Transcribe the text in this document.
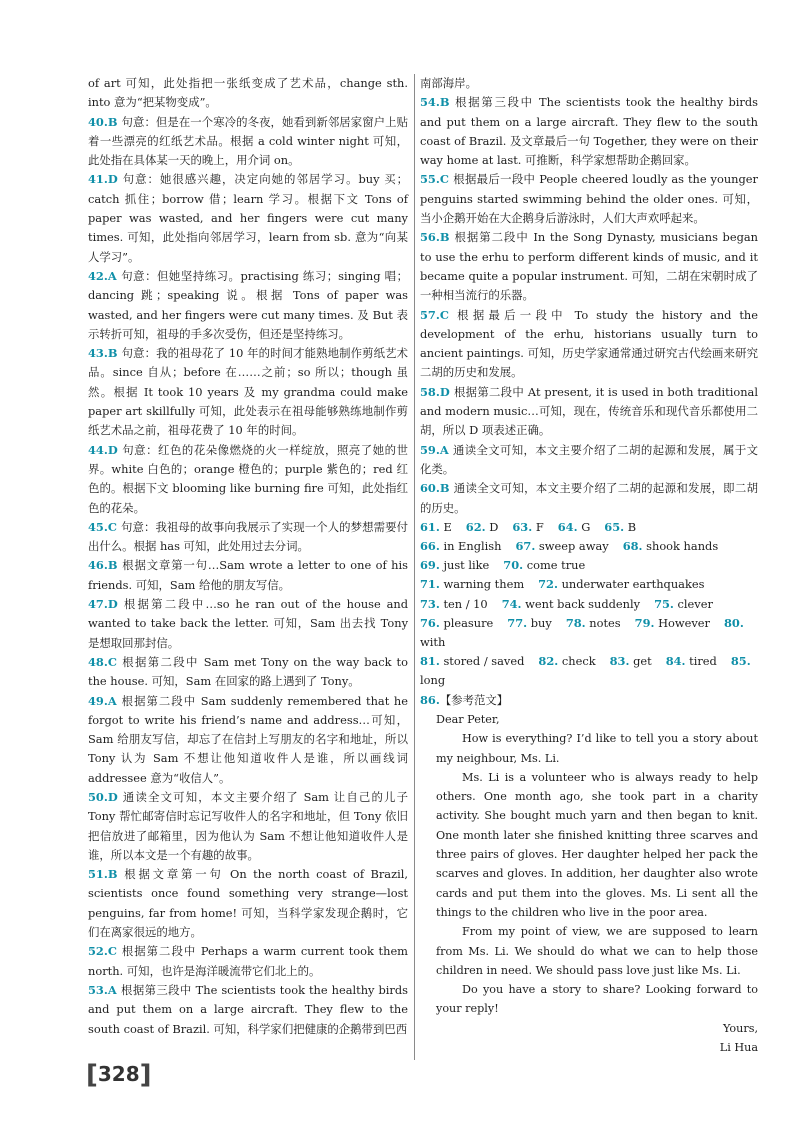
of art 可知，此处指把一张纸变成了艺术品，change sth. into 意为“把某物变成”。

40.B 句意：但是在一个寒冷的冬夜，她看到新邻居家窗户上贴着一些漂亮的红纸艺术品。根据 a cold winter night 可知，此处指在具体某一天的晚上，用介词 on。

41.D 句意：她很感兴趣，决定向她的邻居学习。buy 买；catch 抓住；borrow 借；learn 学习。根据下文 Tons of paper was wasted, and her fingers were cut many times. 可知，此处指向邻居学习，learn from sb. 意为“向某人学习”。

42.A 句意：但她坚持练习。practising 练习；singing 唱；dancing 跳；speaking 说。根据 Tons of paper was wasted, and her fingers were cut many times. 及 But 表示转折可知，祖母的手多次受伤，但还是坚持练习。

43.B 句意：我的祖母花了 10 年的时间才能熟地制作剪纸艺术品。since 自从；before 在……之前；so 所以；though 虽然。根据 It took 10 years 及 my grandma could make paper art skillfully 可知，此处表示在祖母能够熟练地制作剪纸艺术品之前，祖母花费了 10 年的时间。

44.D 句意：红色的花朵像燃烧的火一样绽放，照亮了她的世界。white 白色的；orange 橙色的；purple 紫色的；red 红色的。根据下文 blooming like burning fire 可知，此处指红色的花朵。

45.C 句意：我祖母的故事向我展示了实现一个人的梦想需要付出什么。根据 has 可知，此处用过去分词。

46.B 根据文章第一句…Sam wrote a letter to one of his friends. 可知，Sam 给他的朋友写信。

47.D 根据第二段中…so he ran out of the house and wanted to take back the letter. 可知，Sam 出去找 Tony 是想取回那封信。

48.C 根据第二段中 Sam met Tony on the way back to the house. 可知，Sam 在回家的路上遇到了 Tony。

49.A 根据第二段中 Sam suddenly remembered that he forgot to write his friend’s name and address…可知，Sam 给朋友写信，却忘了在信封上写朋友的名字和地址，所以 Tony 认为 Sam 不想让他知道收件人是谁，所以画线词 addressee 意为“收信人”。

50.D 通读全文可知，本文主要介绍了 Sam 让自己的儿子 Tony 帮忙邮寄信时忘记写收件人的名字和地址，但 Tony 依旧把信放进了邮箱里，因为他认为 Sam 不想让他知道收件人是谁，所以本文是一个有趣的故事。

51.B 根据文章第一句 On the north coast of Brazil, scientists once found something very strange—lost penguins, far from home! 可知，当科学家发现企鹅时，它们在离家很远的地方。

52.C 根据第二段中 Perhaps a warm current took them north. 可知，也许是海洋暖流带它们北上的。

53.A 根据第三段中 The scientists took the healthy birds and put them on a large aircraft. They flew to the south coast of Brazil. 可知，科学家们把健康的企鹅带到巴西

南部海岸。

54.B 根据第三段中 The scientists took the healthy birds and put them on a large aircraft. They flew to the south coast of Brazil. 及文章最后一句 Together, they were on their way home at last. 可推断，科学家想帮助企鹅回家。

55.C 根据最后一段中 People cheered loudly as the younger penguins started swimming behind the older ones. 可知，当小企鹅开始在大企鹅身后游泳时，人们大声欢呼起来。

56.B 根据第二段中 In the Song Dynasty, musicians began to use the erhu to perform different kinds of music, and it became quite a popular instrument. 可知，二胡在宋朝时成了一种相当流行的乐器。

57.C 根据最后一段中 To study the history and the development of the erhu, historians usually turn to ancient paintings. 可知，历史学家通常通过研究古代绘画来研究二胡的历史和发展。

58.D 根据第二段中 At present, it is used in both traditional and modern music…可知，现在，传统音乐和现代音乐都使用二胡，所以 D 项表述正确。

59.A 通读全文可知，本文主要介绍了二胡的起源和发展，属于文化类。

60.B 通读全文可知，本文主要介绍了二胡的起源和发展，即二胡的历史。

61. E 62. D 63. F 64. G 65. B

66. in English 67. sweep away 68. shook hands

69. just like 70. come true

71. warning them 72. underwater earthquakes

73. ten / 10 74. went back suddenly 75. clever

76. pleasure 77. buy 78. notes 79. However 80. with

81. stored / saved 82. check 83. get 84. tired 85. long

86.【参考范文】

Dear Peter,
How is everything? I’d like to tell you a story about my neighbour, Ms. Li.
Ms. Li is a volunteer who is always ready to help others. One month ago, she took part in a charity activity. She bought much yarn and then began to knit. One month later she finished knitting three scarves and three pairs of gloves. Her daughter helped her pack the scarves and gloves. In addition, her daughter also wrote cards and put them into the gloves. Ms. Li sent all the things to the children who live in the poor area.
From my point of view, we are supposed to learn from Ms. Li. We should do what we can to help those children in need. We should pass love just like Ms. Li.
Do you have a story to share? Looking forward to your reply!
Yours,
Li Hua
[328]
